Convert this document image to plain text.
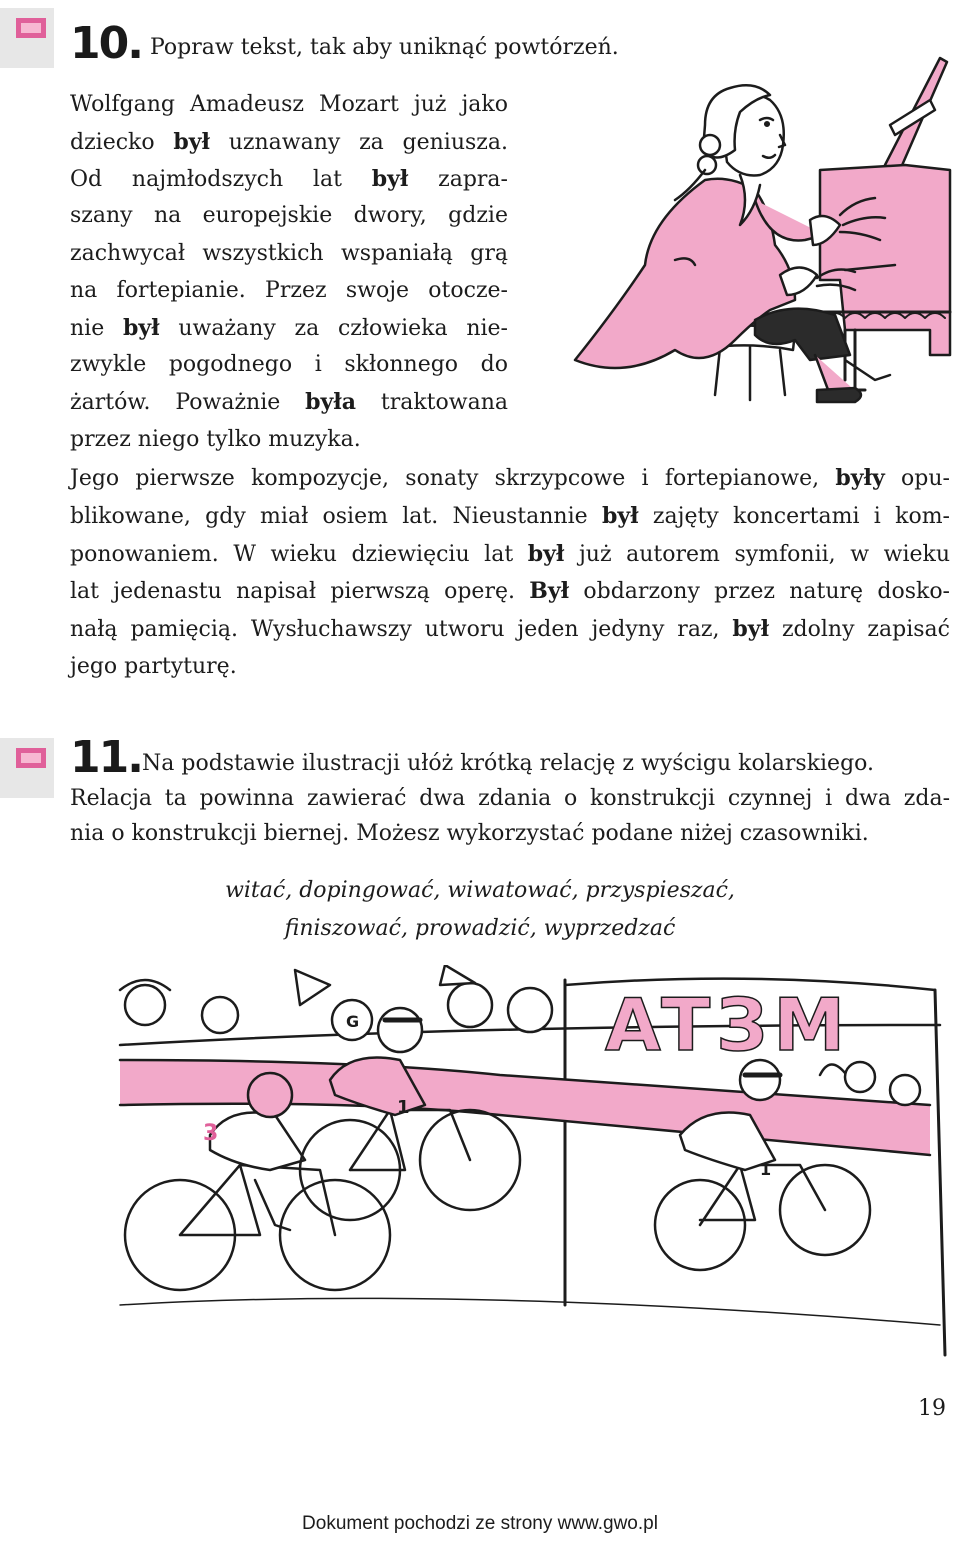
10. Popraw tekst, tak aby uniknąć powtórzeń.
Wolfgang Amadeusz Mozart już jako
dziecko był uznawany za geniusza.
Od najmłodszych lat był zapra-
szany na europejskie dwory, gdzie
zachwycał wszystkich wspaniałą grą
na fortepianie. Przez swoje otocze-
nie był uważany za człowieka nie-
zwykle pogodnego i skłonnego do
żartów. Poważnie była traktowana
przez niego tylko muzyka.
Jego pierwsze kompozycje, sonaty skrzypcowe i fortepianowe, były opu-
blikowane, gdy miał osiem lat. Nieustannie był zajęty koncertami i kom-
ponowaniem. W wieku dziewięciu lat był już autorem symfonii, w wieku
lat jedenastu napisał pierwszą operę. Był obdarzony przez naturę dosko-
nałą pamięcią. Wysłuchawszy utworu jeden jedyny raz, był zdolny zapisać
jego partyturę.
11. Na podstawie ilustracji ułóż krótką relację z wyścigu kolarskiego.
Relacja ta powinna zawierać dwa zdania o konstrukcji czynnej i dwa zda-
nia o konstrukcji biernej. Możesz wykorzystać podane niżej czasowniki.
witać, dopingować, wiwatować, przyspieszać,
finiszować, prowadzić, wyprzedzać
G
3
1
1
ATЗM
19
Dokument pochodzi ze strony www.gwo.pl
